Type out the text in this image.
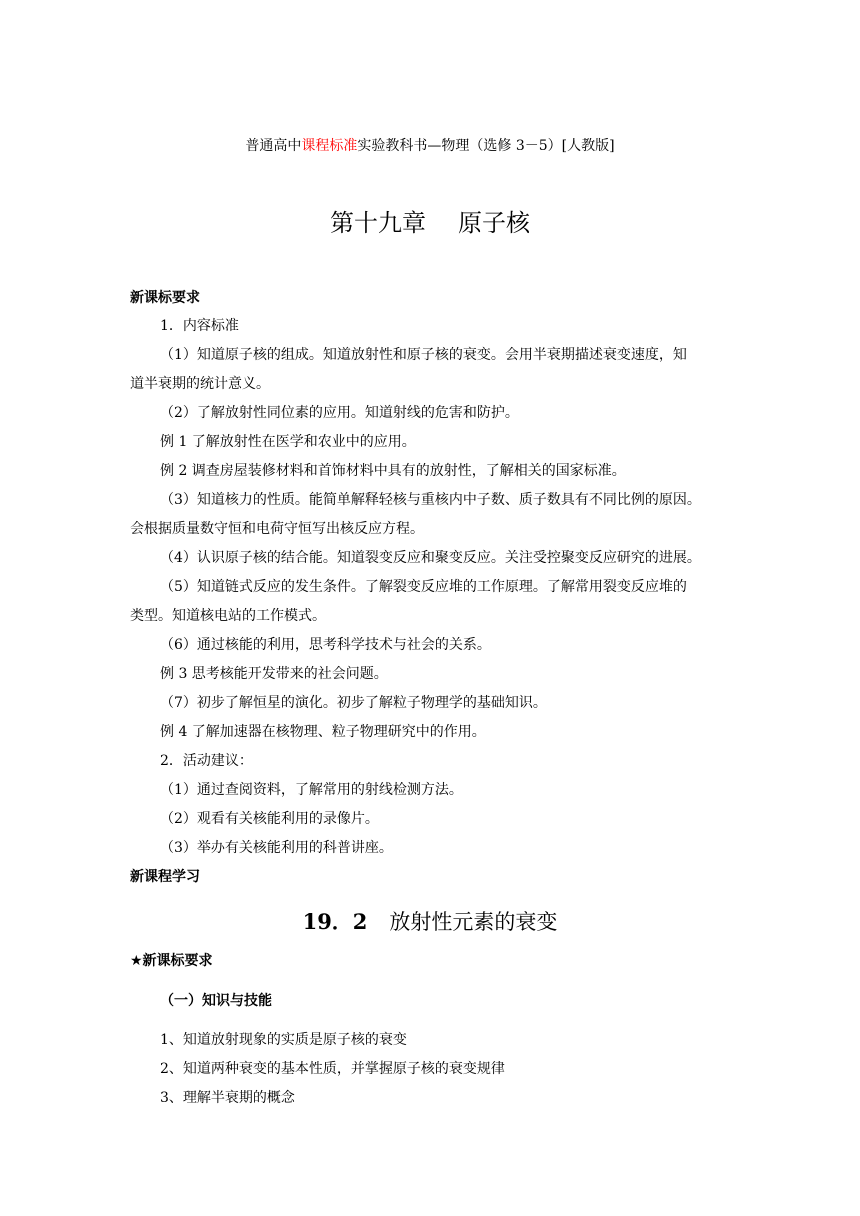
普通高中课程标准实验教科书—物理（选修 3－5）[人教版]
第十九章 原子核
新课标要求
1．内容标准
（1）知道原子核的组成。知道放射性和原子核的衰变。会用半衰期描述衰变速度，知
道半衰期的统计意义。
（2）了解放射性同位素的应用。知道射线的危害和防护。
例 1 了解放射性在医学和农业中的应用。
例 2 调查房屋装修材料和首饰材料中具有的放射性，了解相关的国家标准。
（3）知道核力的性质。能简单解释轻核与重核内中子数、质子数具有不同比例的原因。
会根据质量数守恒和电荷守恒写出核反应方程。
（4）认识原子核的结合能。知道裂变反应和聚变反应。关注受控聚变反应研究的进展。
（5）知道链式反应的发生条件。了解裂变反应堆的工作原理。了解常用裂变反应堆的
类型。知道核电站的工作模式。
（6）通过核能的利用，思考科学技术与社会的关系。
例 3 思考核能开发带来的社会问题。
（7）初步了解恒星的演化。初步了解粒子物理学的基础知识。
例 4 了解加速器在核物理、粒子物理研究中的作用。
2．活动建议：
（1）通过查阅资料，了解常用的射线检测方法。
（2）观看有关核能利用的录像片。
（3）举办有关核能利用的科普讲座。
新课程学习
19．2 放射性元素的衰变
★新课标要求
（一）知识与技能
1、知道放射现象的实质是原子核的衰变
2、知道两种衰变的基本性质，并掌握原子核的衰变规律
3、理解半衰期的概念
